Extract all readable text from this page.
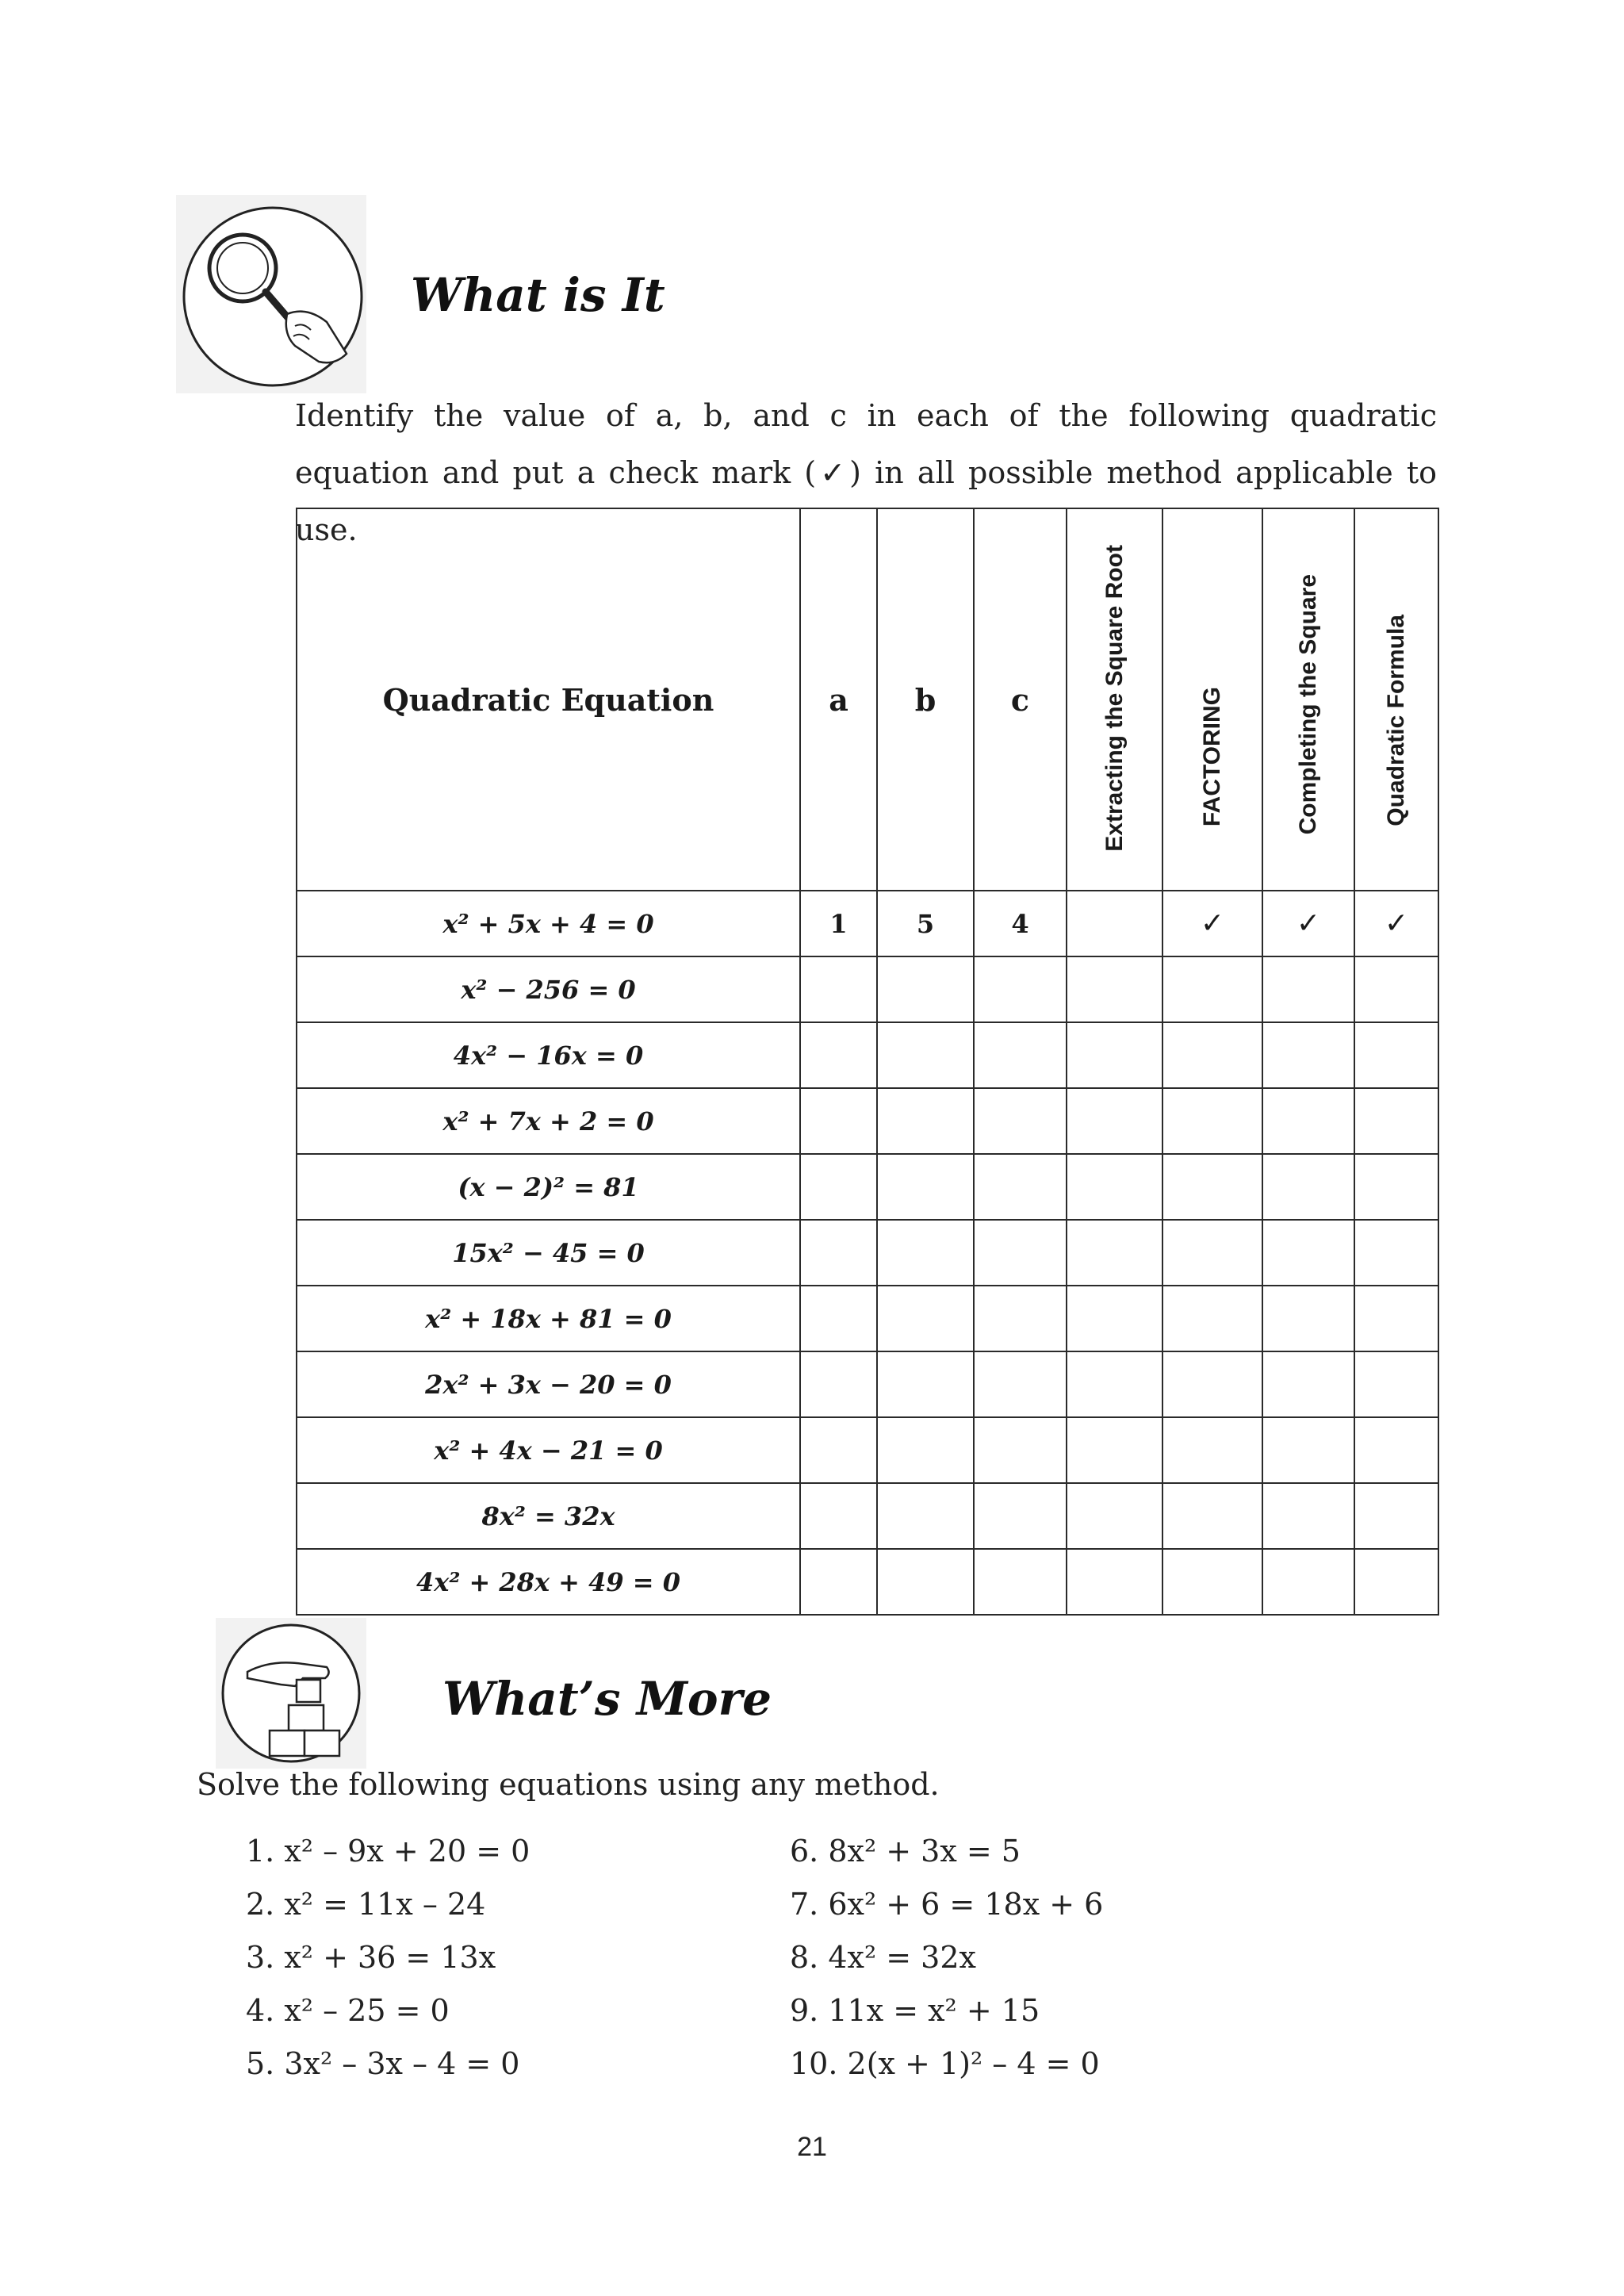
What is It
Identify the value of a, b, and c in each of the following quadratic equation and put a check mark (✓) in all possible method applicable to use.
Quadratic Equation	a	b	c	Extracting the Square Root	FACTORING	Completing the Square	Quadratic Formula

x² + 5x + 4 = 0	1	5	4		✓	✓	✓
x² − 256 = 0							
4x² − 16x = 0							
x² + 7x + 2 = 0							
(x − 2)² = 81							
15x² − 45 = 0							
x² + 18x + 81 = 0							
2x² + 3x − 20 = 0							
x² + 4x − 21 = 0							
8x² = 32x							
4x² + 28x + 49 = 0							
What’s More
Solve the following equations using any method.
1. x² – 9x + 20 = 0
2. x² = 11x – 24
3. x² + 36 = 13x
4. x² – 25 = 0
5. 3x² – 3x – 4 = 0
6. 8x² + 3x = 5
7. 6x² + 6 = 18x + 6
8. 4x² = 32x
9. 11x = x² + 15
10. 2(x + 1)² – 4 = 0
21
